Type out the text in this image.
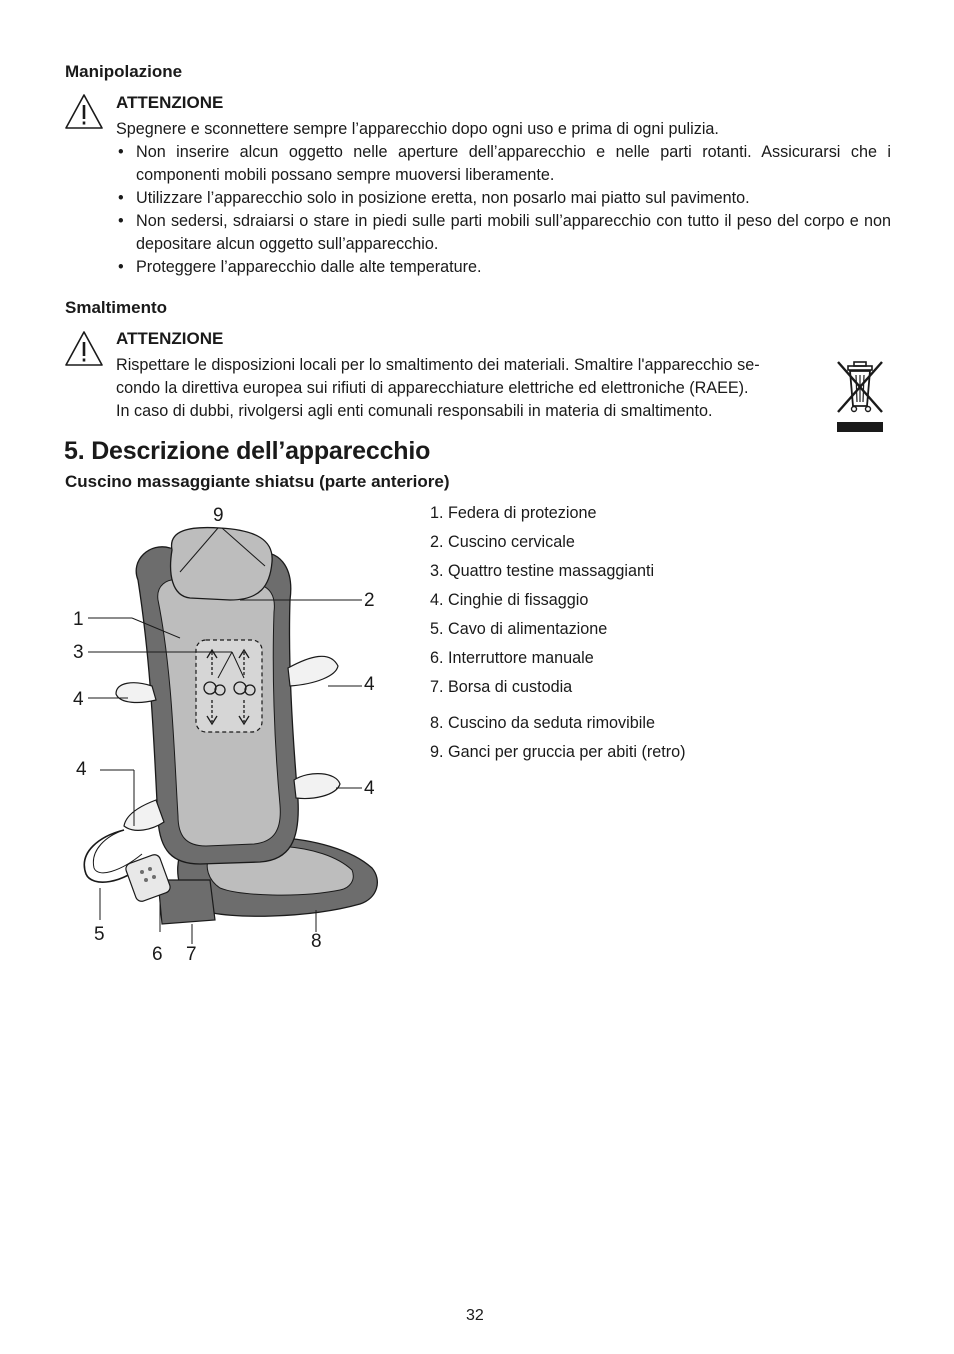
Manipolazione
ATTENZIONE
Spegnere e sconnettere sempre l’apparecchio dopo ogni uso e prima di ogni pulizia.
• Non inserire alcun oggetto nelle aperture dell’apparecchio e nelle parti rotanti. Assicurarsi che i componenti mobili possano sempre muoversi liberamente.
• Utilizzare l’apparecchio solo in posizione eretta, non posarlo mai piatto sul pavimento.
• Non sedersi, sdraiarsi o stare in piedi sulle parti mobili sull’apparecchio con tutto il peso del corpo e non depositare alcun oggetto sull’apparecchio.
• Proteggere l’apparecchio dalle alte temperature.
Smaltimento
ATTENZIONE
Rispettare le disposizioni locali per lo smaltimento dei materiali. Smaltire l'apparecchio se-
condo la direttiva europea sui rifiuti di apparecchiature elettriche ed elettroniche (RAEE).
In caso di dubbi, rivolgersi agli enti comunali responsabili in materia di smaltimento.
5. Descrizione dell’apparecchio
Cuscino massaggiante shiatsu (parte anteriore)
9
2
1
3
4
4
4
4
5
6 7
8
1. Federa di protezione
2. Cuscino cervicale
3. Quattro testine massaggianti
4. Cinghie di fissaggio
5. Cavo di alimentazione
6. Interruttore manuale
7. Borsa di custodia
8. Cuscino da seduta rimovibile
9. Ganci per gruccia per abiti (retro)
32
